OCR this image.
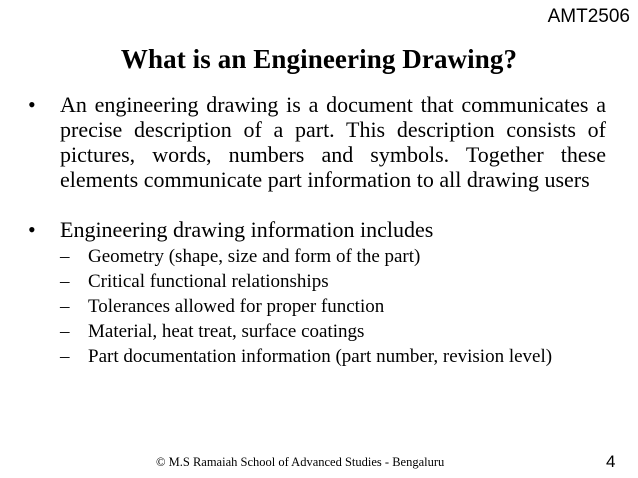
AMT2506
What is an Engineering Drawing?
• An engineering drawing is a document that communicates a precise description of a part. This description consists of pictures, words, numbers and symbols. Together these elements communicate part information to all drawing users
• Engineering drawing information includes
– Geometry (shape, size and form of the part)
– Critical functional relationships
– Tolerances allowed for proper function
– Material, heat treat, surface coatings
– Part documentation information (part number, revision level)
© M.S Ramaiah School of Advanced Studies - Bengaluru	4
